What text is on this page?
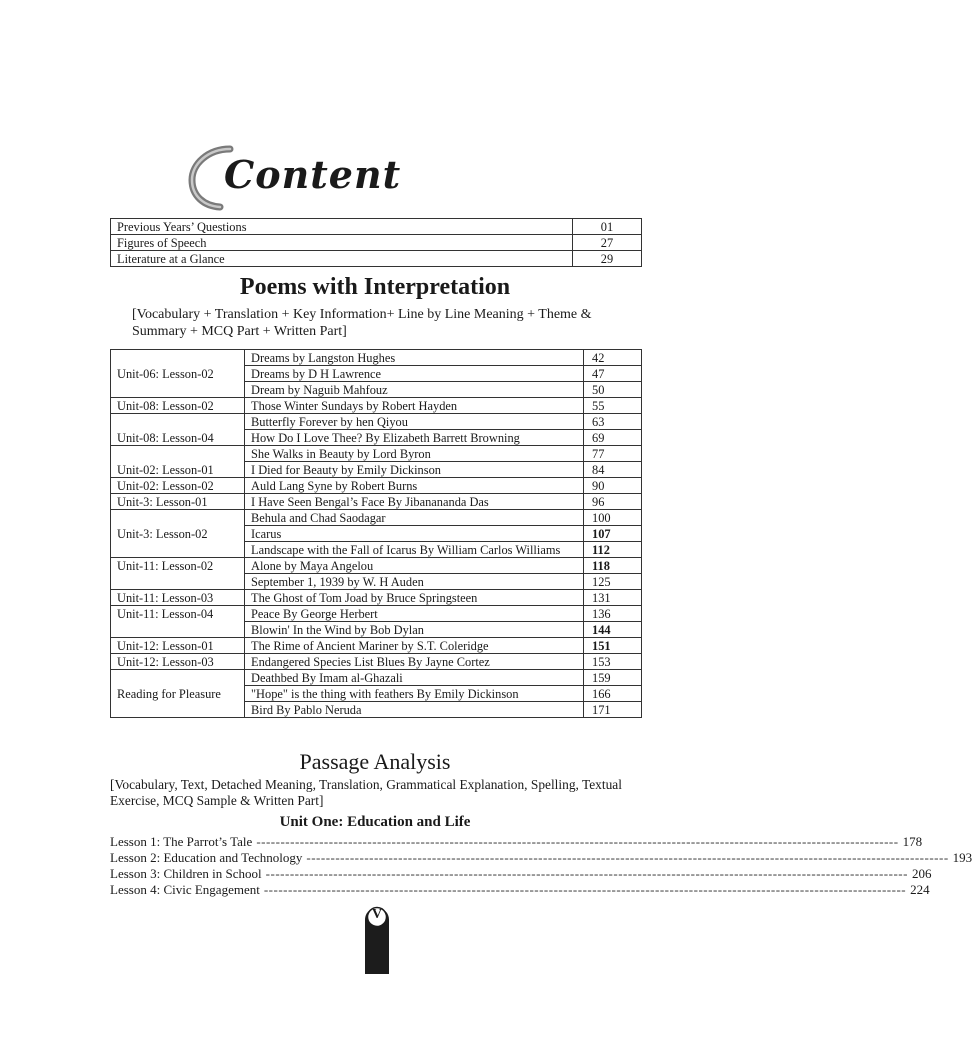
Content
Previous Years’ Questions	01
Figures of Speech	27
Literature at a Glance	29
Poems with Interpretation
[Vocabulary + Translation + Key Information+ Line by Line Meaning + Theme & Summary + MCQ Part + Written Part]
Unit-06: Lesson-02	Dreams by Langston Hughes	42
	Dreams by D H Lawrence	47
	Dream by Naguib Mahfouz	50
Unit-08: Lesson-02	Those Winter Sundays by Robert Hayden	55
Unit-08: Lesson-04	Butterfly Forever by hen Qiyou	63
	How Do I Love Thee? By Elizabeth Barrett Browning	69
Unit-02: Lesson-01	She Walks in Beauty by Lord Byron	77
	I Died for Beauty by Emily Dickinson	84
Unit-02: Lesson-02	Auld Lang Syne by Robert Burns	90
Unit-3: Lesson-01	I Have Seen Bengal’s Face By Jibanananda Das	96
Unit-3: Lesson-02	Behula and Chad Saodagar	100
	Icarus	107
	Landscape with the Fall of Icarus By William Carlos Williams	112
Unit-11: Lesson-02	Alone by Maya Angelou	118
	September 1, 1939 by W. H Auden	125
Unit-11: Lesson-03	The Ghost of Tom Joad by Bruce Springsteen	131
Unit-11: Lesson-04	Peace By George Herbert	136
	Blowin' In the Wind by Bob Dylan	144
Unit-12: Lesson-01	The Rime of Ancient Mariner by S.T. Coleridge	151
Unit-12: Lesson-03	Endangered Species List Blues By Jayne Cortez	153
Reading for Pleasure	Deathbed By Imam al-Ghazali	159
	"Hope" is the thing with feathers By Emily Dickinson	166
	Bird By Pablo Neruda	171
Passage Analysis
[Vocabulary, Text, Detached Meaning, Translation, Grammatical Explanation, Spelling, Textual Exercise, MCQ Sample & Written Part]
Unit One: Education and Life
Lesson 1: The Parrot’s Tale ------------------------------------------------------------------------------------------------------------------------------------- 178
Lesson 2: Education and Technology ------------------------------------------------------------------------------------------------------------------------------------- 193
Lesson 3: Children in School ------------------------------------------------------------------------------------------------------------------------------------- 206
Lesson 4: Civic Engagement ------------------------------------------------------------------------------------------------------------------------------------- 224
V
